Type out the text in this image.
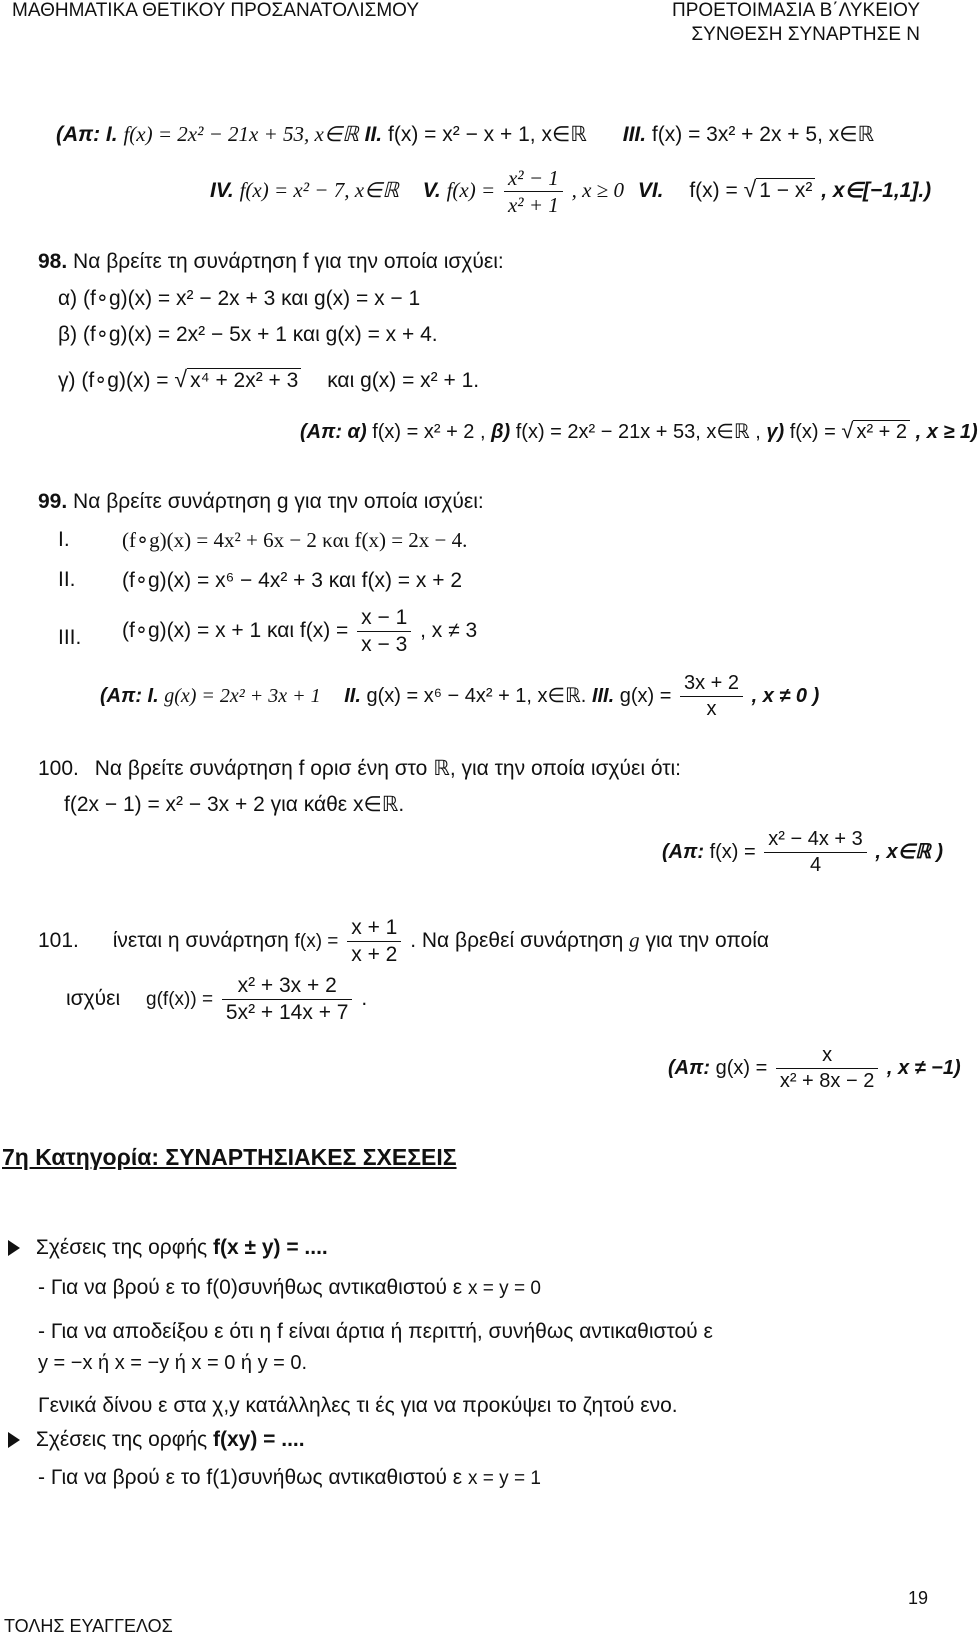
ΜΑΘΗΜΑΤΙΚΑ ΘΕΤΙΚΟΥ ΠΡΟΣΑΝΑΤΟΛΙΣΜΟΥ	ΠΡΟΕΤΟΙΜΑΣΙΑ Β΄ΛΥΚΕΙΟΥ
ΣΥΝΘΕΣΗ ΣΥΝΑΡΤΗΣΕ Ν
(Απ: Ι. f(x) = 2x² − 21x + 53, x∈ℝ ΙΙ. f(x) = x² − x + 1, x∈ℝ ΙΙΙ. f(x) = 3x² + 2x + 5, x∈ℝ
ΙV. f(x) = x² − 7, x∈ℝ V. $f(x) = \frac{\text{x² − 1}}{\text{x² + 1}}$ , x ≥ 0 VI. f(x) = √ 1 − x² , x∈[−1,1].)
98. Να βρείτε τη συνάρτηση f για την οποία ισχύει:
α) (f∘g)(x) = x² − 2x + 3 και g(x) = x − 1
β) (f∘g)(x) = 2x² − 5x + 1 και g(x) = x + 4.
γ) (f∘g)(x) = √ x⁴ + 2x² + 3 και g(x) = x² + 1.
(Απ: α) f(x) = x² + 2 , β) f(x) = 2x² − 21x + 53, x∈ℝ , γ) f(x) = √ x² + 2 , x ≥ 1)
99. Να βρείτε συνάρτηση g για την οποία ισχύει:
Ι. (f∘g)(x) = 4x² + 6x − 2 και f(x) = 2x − 4.
ΙΙ. (f∘g)(x) = x⁶ − 4x² + 3 και f(x) = x + 2
ΙΙΙ. (f∘g)(x) = x + 1 και $f(x) = \frac{x - 1}{x - 3}$ , x ≠ 3
(Απ: Ι. g(x) = 2x² + 3x + 1 ΙΙ. g(x) = x⁶ − 4x² + 1, x∈ℝ. ΙΙΙ. $g(x) = \frac{3x + 2}{x}$ , x ≠ 0 )
100. Να βρείτε συνάρτηση f ορισ ένη στο ℝ, για την οποία ισχύει ότι:
f(2x − 1) = x² − 3x + 2 για κάθε x∈ℝ.
(Απ: $f(x) = \frac{\text{x² − 4x + 3}}{4}$ , x∈ℝ )
101. ίνεται η συνάρτηση $f(x) = \frac{x + 1}{x + 2}$ . Να βρεθεί συνάρτηση g για την οποία
ισχύει $g(f(x)) = \frac{\text{x² + 3x + 2}}{\text{5x² + 14x + 7}}$ .
(Απ: $g(x) = \frac{x}{\text{x² + 8x − 2}}$ , x ≠ −1)
7η Κατηγορία: ΣΥΝΑΡΤΗΣΙΑΚΕΣ ΣΧΕΣΕΙΣ
Σχέσεις της ορφής f(x ± y) = ....
- Για να βρού ε το f(0)συνήθως αντικαθιστού ε x = y = 0
- Για να αποδείξου ε ότι η f είναι άρτια ή περιττή, συνήθως αντικαθιστού ε
y = −x ή x = −y ή x = 0 ή y = 0.
Γενικά δίνου ε στα χ,y κατάλληλες τι ές για να προκύψει το ζητού ενο.
Σχέσεις της ορφής f(xy) = ....
- Για να βρού ε το f(1)συνήθως αντικαθιστού ε x = y = 1
19
ΤΟΛΗΣ ΕΥΑΓΓΕΛΟΣ
